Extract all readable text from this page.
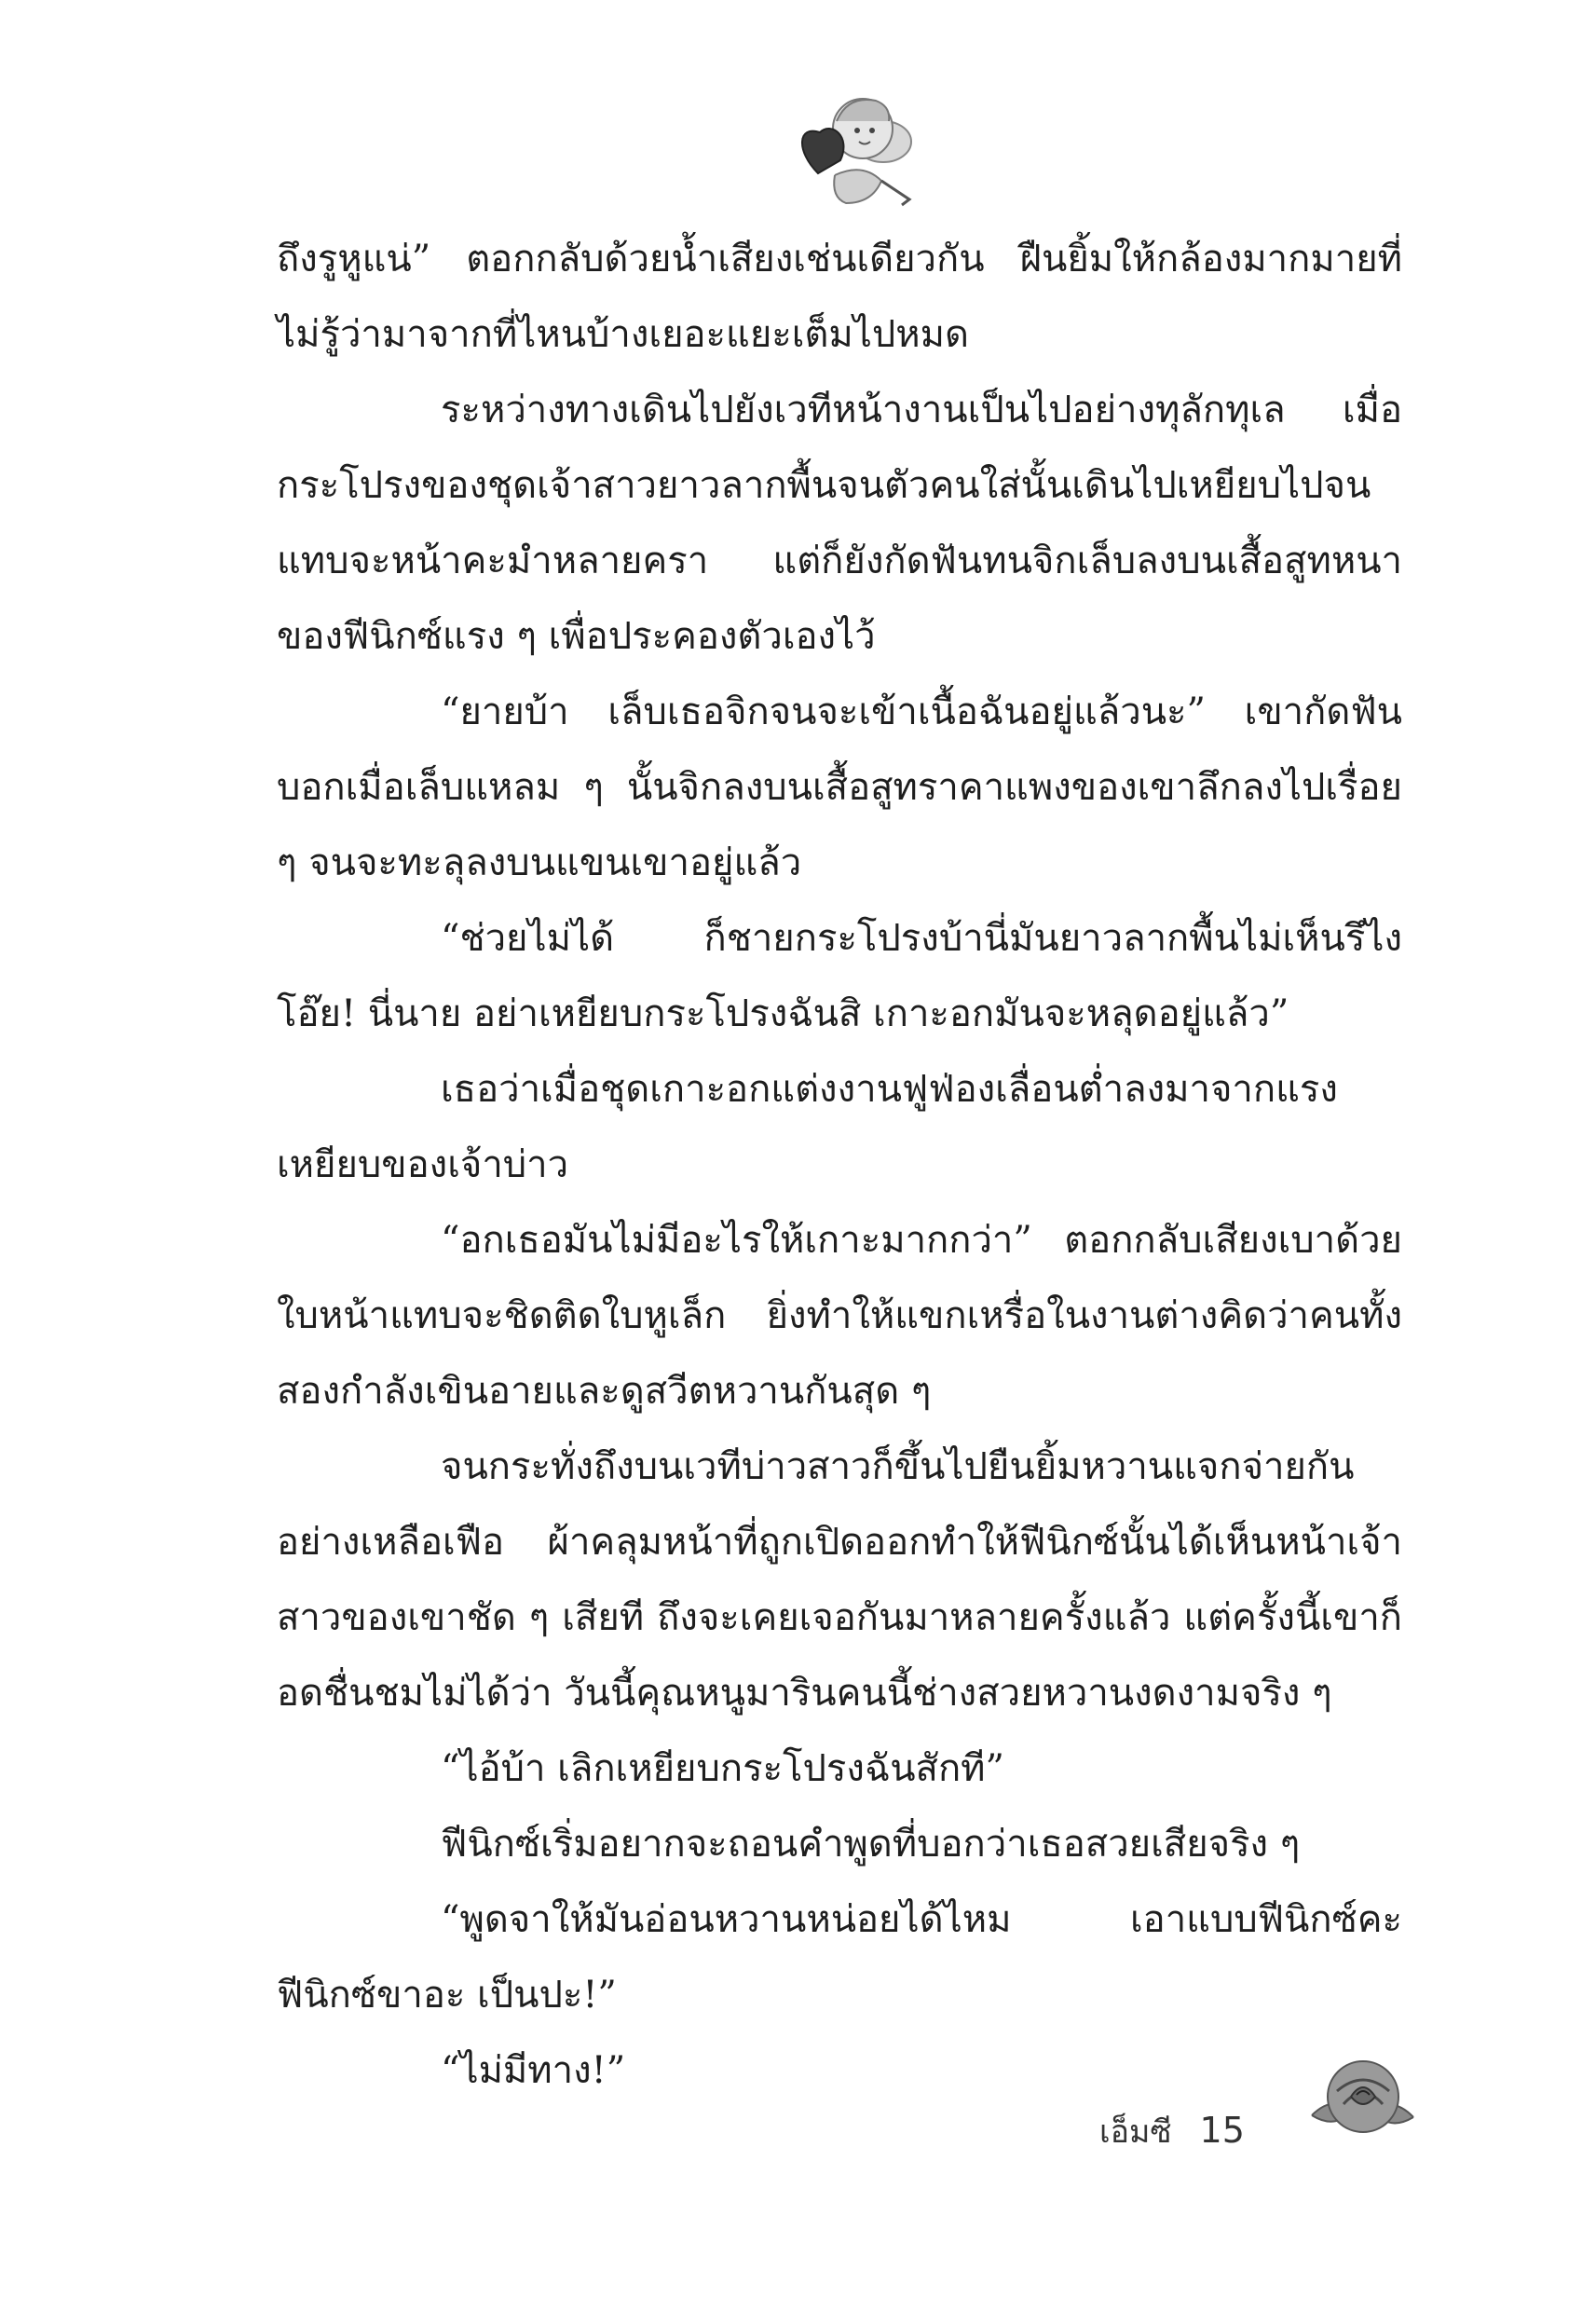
ถึงรูหูแน่” ตอกกลับด้วยน้ำเสียงเช่นเดียวกัน ฝืนยิ้มให้กล้องมากมายที่ไม่รู้ว่ามาจากที่ไหนบ้างเยอะแยะเต็มไปหมด

ระหว่างทางเดินไปยังเวทีหน้างานเป็นไปอย่างทุลักทุเล เมื่อกระโปรงของชุดเจ้าสาวยาวลากพื้นจนตัวคนใส่นั้นเดินไปเหยียบไปจนแทบจะหน้าคะมำหลายครา แต่ก็ยังกัดฟันทนจิกเล็บลงบนเสื้อสูทหนาของฟีนิกซ์แรง ๆ เพื่อประคองตัวเองไว้

“ยายบ้า เล็บเธอจิกจนจะเข้าเนื้อฉันอยู่แล้วนะ” เขากัดฟันบอกเมื่อเล็บแหลม ๆ นั้นจิกลงบนเสื้อสูทราคาแพงของเขาลึกลงไปเรื่อย ๆ จนจะทะลุลงบนแขนเขาอยู่แล้ว

“ช่วยไม่ได้ ก็ชายกระโปรงบ้านี่มันยาวลากพื้นไม่เห็นรึไง โอ๊ย! นี่นาย อย่าเหยียบกระโปรงฉันสิ เกาะอกมันจะหลุดอยู่แล้ว”

เธอว่าเมื่อชุดเกาะอกแต่งงานฟูฟ่องเลื่อนต่ำลงมาจากแรงเหยียบของเจ้าบ่าว

“อกเธอมันไม่มีอะไรให้เกาะมากกว่า” ตอกกลับเสียงเบาด้วยใบหน้าแทบจะชิดติดใบหูเล็ก ยิ่งทำให้แขกเหรื่อในงานต่างคิดว่าคนทั้งสองกำลังเขินอายและดูสวีตหวานกันสุด ๆ

จนกระทั่งถึงบนเวทีบ่าวสาวก็ขึ้นไปยืนยิ้มหวานแจกจ่ายกันอย่างเหลือเฟือ ผ้าคลุมหน้าที่ถูกเปิดออกทำให้ฟีนิกซ์นั้นได้เห็นหน้าเจ้าสาวของเขาชัด ๆ เสียที ถึงจะเคยเจอกันมาหลายครั้งแล้ว แต่ครั้งนี้เขาก็อดชื่นชมไม่ได้ว่า วันนี้คุณหนูมารินคนนี้ช่างสวยหวานงดงามจริง ๆ

“ไอ้บ้า เลิกเหยียบกระโปรงฉันสักที”

ฟีนิกซ์เริ่มอยากจะถอนคำพูดที่บอกว่าเธอสวยเสียจริง ๆ

“พูดจาให้มันอ่อนหวานหน่อยได้ไหม เอาแบบฟีนิกซ์คะ ฟีนิกซ์ขาอะ เป็นปะ!”

“ไม่มีทาง!”

เอ็มซี 15
